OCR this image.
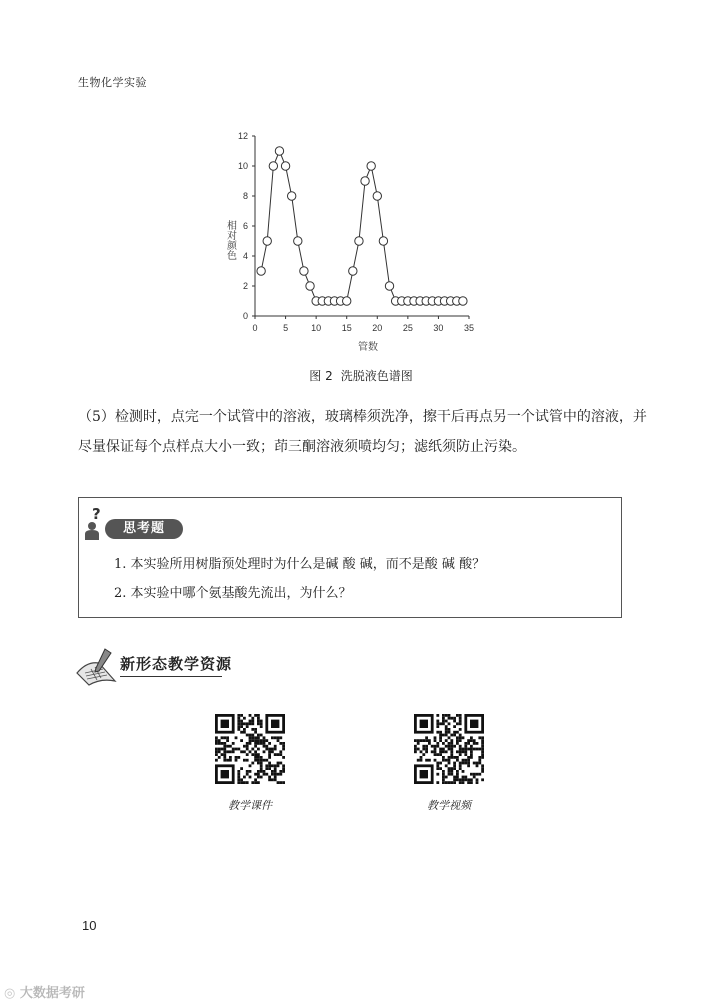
生物化学实验
0	5	10 15 20 25 30 35
0
2
4
6
8
10
12
相对颜色
管数
图 2 洗脱液色谱图
（5）检测时，点完一个试管中的溶液，玻璃棒须洗净，擦干后再点另一个试管中的溶液，并尽量保证每个点样点大小一致；茚三酮溶液须喷均匀；滤纸须防止污染。
?
思考题
1. 本实验所用树脂预处理时为什么是碱 酸 碱，而不是酸 碱 酸？
2. 本实验中哪个氨基酸先流出，为什么？
新形态教学资源
教学课件	教学视频
10
◎ 大数据考研
